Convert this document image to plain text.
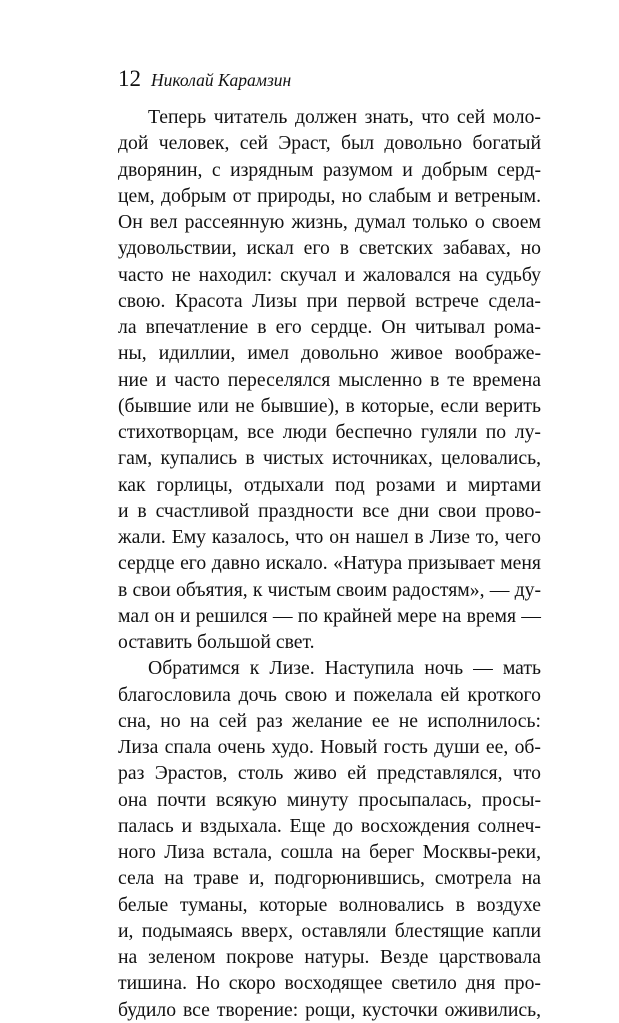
12 Николай Карамзин
Теперь читатель должен знать, что сей моло-
дой человек, сей Эраст, был довольно богатый
дворянин, с изрядным разумом и добрым серд-
цем, добрым от природы, но слабым и ветреным.
Он вел рассеянную жизнь, думал только о своем
удовольствии, искал его в светских забавах, но
часто не находил: скучал и жаловался на судьбу
свою. Красота Лизы при первой встрече сдела-
ла впечатление в его сердце. Он читывал рома-
ны, идиллии, имел довольно живое воображе-
ние и часто переселялся мысленно в те времена
(бывшие или не бывшие), в которые, если верить
стихотворцам, все люди беспечно гуляли по лу-
гам, купались в чистых источниках, целовались,
как горлицы, отдыхали под розами и миртами
и в счастливой праздности все дни свои прово-
жали. Ему казалось, что он нашел в Лизе то, чего
сердце его давно искало. «Натура призывает меня
в свои объятия, к чистым своим радостям», — ду-
мал он и решился — по крайней мере на время —
оставить большой свет.
Обратимся к Лизе. Наступила ночь — мать
благословила дочь свою и пожелала ей кроткого
сна, но на сей раз желание ее не исполнилось:
Лиза спала очень худо. Новый гость души ее, об-
раз Эрастов, столь живо ей представлялся, что
она почти всякую минуту просыпалась, просы-
палась и вздыхала. Еще до восхождения солнеч-
ного Лиза встала, сошла на берег Москвы-реки,
села на траве и, подгорюнившись, смотрела на
белые туманы, которые волновались в воздухе
и, подымаясь вверх, оставляли блестящие капли
на зеленом покрове натуры. Везде царствовала
тишина. Но скоро восходящее светило дня про-
будило все творение: рощи, кусточки оживились,
